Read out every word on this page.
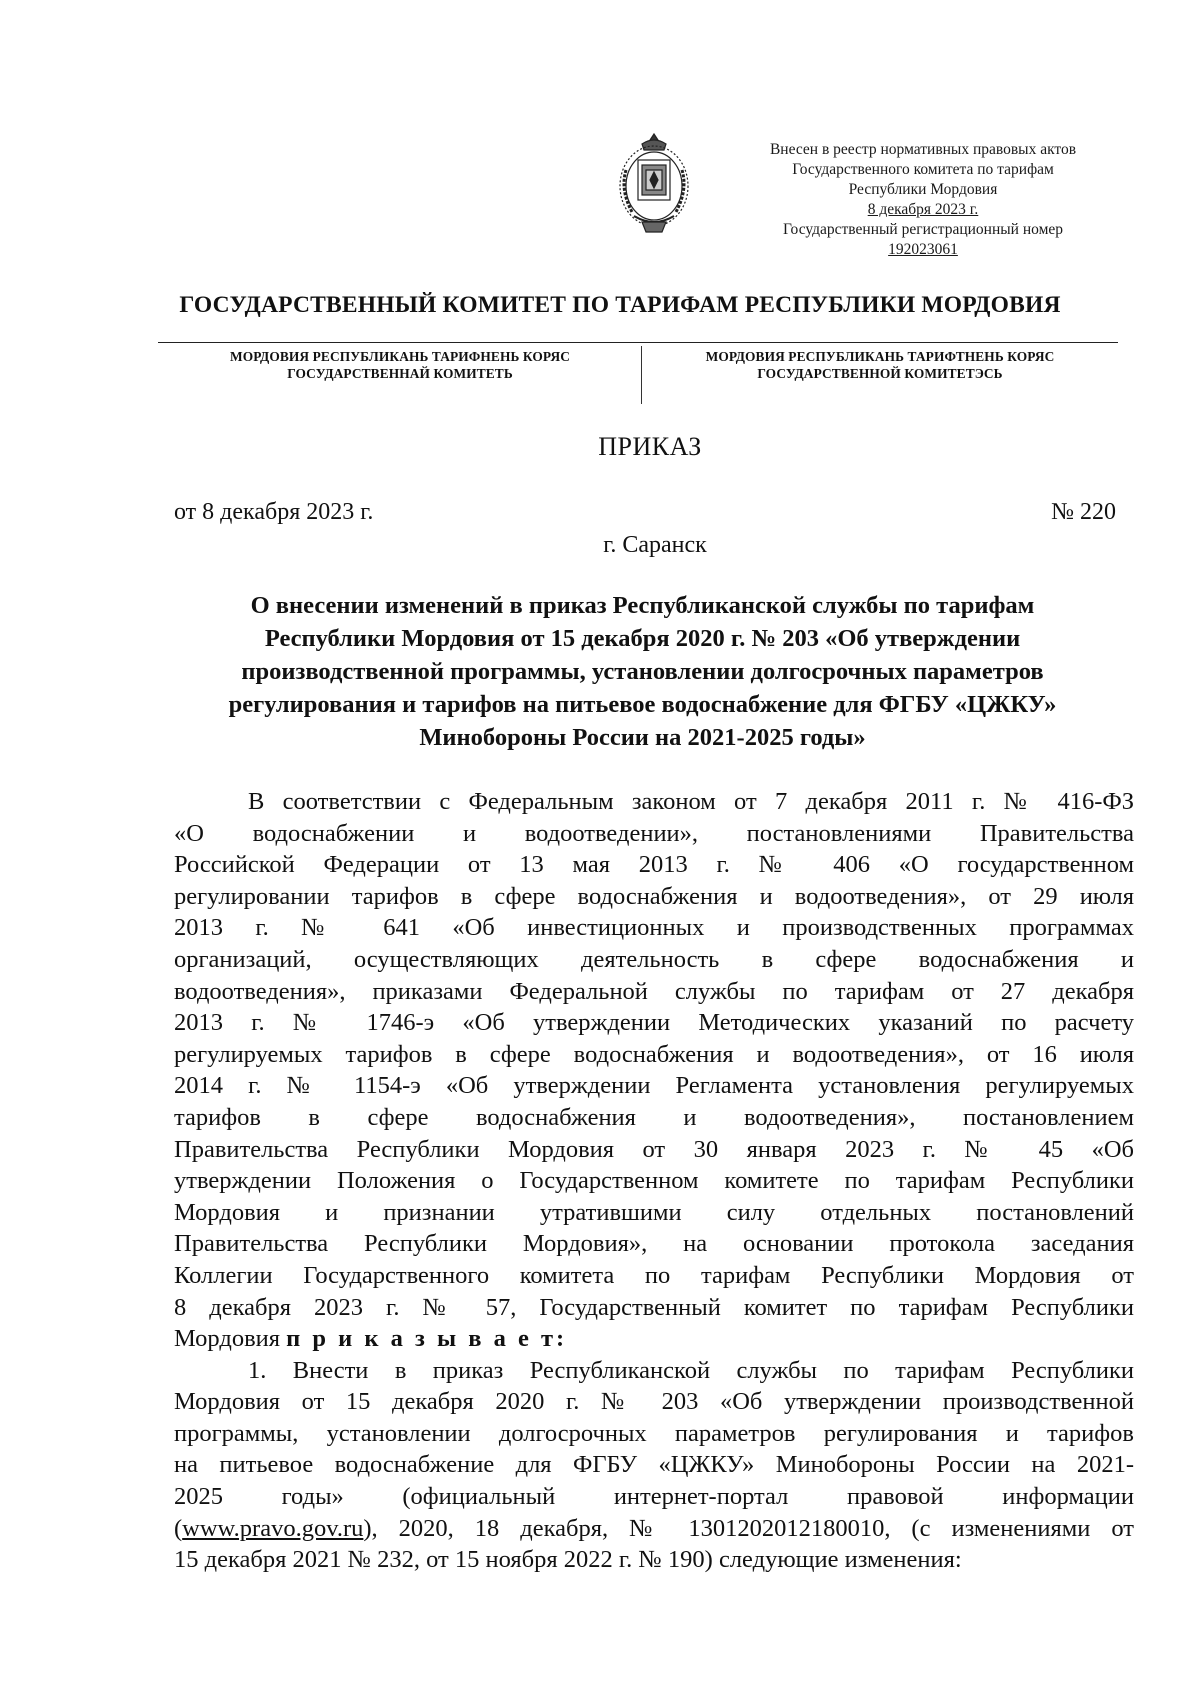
Внесен в реестр нормативных правовых актов
Государственного комитета по тарифам
Республики Мордовия
8 декабря 2023 г.
Государственный регистрационный номер
192023061
ГОСУДАРСТВЕННЫЙ КОМИТЕТ ПО ТАРИФАМ РЕСПУБЛИКИ МОРДОВИЯ
МОРДОВИЯ РЕСПУБЛИКАНЬ ТАРИФНЕНЬ КОРЯС
ГОСУДАРСТВЕННАЙ КОМИТЕТЬ
МОРДОВИЯ РЕСПУБЛИКАНЬ ТАРИФТНЕНЬ КОРЯС
ГОСУДАРСТВЕННОЙ КОМИТЕТЭСЬ
ПРИКАЗ
от 8 декабря 2023 г.	№ 220
г. Саранск
О внесении изменений в приказ Республиканской службы по тарифам
Республики Мордовия от 15 декабря 2020 г. № 203 «Об утверждении
производственной программы, установлении долгосрочных параметров
регулирования и тарифов на питьевое водоснабжение для ФГБУ «ЦЖКУ»
Минобороны России на 2021-2025 годы»
В соответствии с Федеральным законом от 7 декабря 2011 г. № 416-ФЗ
«О водоснабжении и водоотведении», постановлениями Правительства
Российской Федерации от 13 мая 2013 г. № 406 «О государственном
регулировании тарифов в сфере водоснабжения и водоотведения», от 29 июля
2013 г. № 641 «Об инвестиционных и производственных программах
организаций, осуществляющих деятельность в сфере водоснабжения и
водоотведения», приказами Федеральной службы по тарифам от 27 декабря
2013 г. № 1746-э «Об утверждении Методических указаний по расчету
регулируемых тарифов в сфере водоснабжения и водоотведения», от 16 июля
2014 г. № 1154-э «Об утверждении Регламента установления регулируемых
тарифов в сфере водоснабжения и водоотведения», постановлением
Правительства Республики Мордовия от 30 января 2023 г. № 45 «Об
утверждении Положения о Государственном комитете по тарифам Республики
Мордовия и признании утратившими силу отдельных постановлений
Правительства Республики Мордовия», на основании протокола заседания
Коллегии Государственного комитета по тарифам Республики Мордовия от
8 декабря 2023 г. № 57, Государственный комитет по тарифам Республики
Мордовия п р и к а з ы в а е т:
1. Внести в приказ Республиканской службы по тарифам Республики
Мордовия от 15 декабря 2020 г. № 203 «Об утверждении производственной
программы, установлении долгосрочных параметров регулирования и тарифов
на питьевое водоснабжение для ФГБУ «ЦЖКУ» Минобороны России на 2021-
2025 годы» (официальный интернет-портал правовой информации
(www.pravo.gov.ru), 2020, 18 декабря, № 1301202012180010, (с изменениями от
15 декабря 2021 № 232, от 15 ноября 2022 г. № 190) следующие изменения:
